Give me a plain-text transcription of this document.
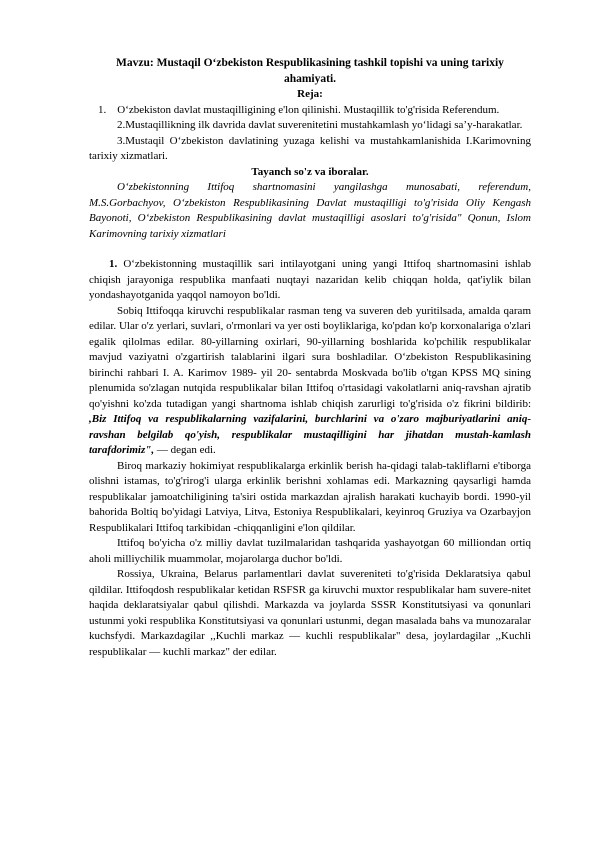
Mavzu: Mustaqil O‘zbekiston Respublikasining tashkil topishi va uning tarixiy ahamiyati.

Reja:

1. O‘zbekiston davlat mustaqilligining e'lon qilinishi. Mustaqillik to'g'risida Referendum.

2.Mustaqillikning ilk davrida davlat suverenitetini mustahkamlash yo‘lidagi sa’y-harakatlar.

3.Mustaqil O‘zbekiston davlatining yuzaga kelishi va mustahkamlanishida I.Karimovning tarixiy xizmatlari.

Tayanch so'z va iboralar.

O‘zbekistonning Ittifoq shartnomasini yangilashga munosabati, referendum, M.S.Gorbachyov, O‘zbekiston Respublikasining Davlat mustaqilligi to'g'risida Oliy Kengash Bayonoti, O‘zbekiston Respublikasining davlat mustaqilligi asoslari to'g'risida" Qonun, Islom Karimovning tarixiy xizmatlari

1. O‘zbekistonning mustaqillik sari intilayotgani uning yangi Ittifoq shartnomasini ishlab chiqish jarayoniga respublika manfaati nuqtayi nazaridan kelib chiqqan holda, qat'iylik bilan yondashayotganida yaqqol namoyon bo'ldi.

Sobiq Ittifoqqa kiruvchi respublikalar rasman teng va suveren deb yuritilsada, amalda qaram edilar. Ular o'z yerlari, suvlari, o'rmonlari va yer osti boyliklariga, ko'pdan ko'p korxonalariga o'zlari egalik qilolmas edilar. 80-yillarning oxirlari, 90-yillarning boshlarida ko'pchilik respublikalar mavjud vaziyatni o'zgartirish talablarini ilgari sura boshladilar. O‘zbekiston Respublikasining birinchi rahbari I. A. Karimov 1989- yil 20- sentabrda Moskvada bo'lib o'tgan KPSS MQ sining plenumida so'zlagan nutqida respublikalar bilan Ittifoq o'rtasidagi vakolatlarni aniq-ravshan ajratib qo'yishni ko'zda tutadigan yangi shartnoma ishlab chiqish zarurligi to'g'risida o'z fikrini bildirib: ,Biz Ittifoq va respublikalarning vazifalarini, burchlarini va o'zaro majburiyatlarini aniq-ravshan belgilab qo'yish, respublikalar mustaqilligini har jihatdan mustah-kamlash tarafdorimiz", — degan edi.

Biroq markaziy hokimiyat respublikalarga erkinlik berish ha-qidagi talab-takliflarni e'tiborga olishni istamas, to'g'rirog'i ularga erkinlik berishni xohlamas edi. Markazning qaysarligi hamda respublikalar jamoatchiligining ta'siri ostida markazdan ajralish harakati kuchayib bordi. 1990-yil bahorida Boltiq bo'yidagi Latviya, Litva, Estoniya Respublikalari, keyinroq Gruziya va Ozarbayjon Respublikalari Ittifoq tarkibidan -chiqqanligini e'lon qildilar.

Ittifoq bo'yicha o'z milliy davlat tuzilmalaridan tashqarida yashayotgan 60 milliondan ortiq aholi milliychilik muammolar, mojarolarga duchor bo'ldi.

Rossiya, Ukraina, Belarus parlamentlari davlat suvereniteti to'g'risida Deklaratsiya qabul qildilar. Ittifoqdosh respublikalar ketidan RSFSR ga kiruvchi muxtor respublikalar ham suvere-nitet haqida deklaratsiyalar qabul qilishdi. Markazda va joylarda SSSR Konstitutsiyasi va qonunlari ustunmi yoki respublika Konstitutsiyasi va qonunlari ustunmi, degan masalada bahs va munozaralar kuchsfydi. Markazdagilar ,,Kuchli markaz — kuchli respublikalar" desa, joylardagilar ,,Kuchli respublikalar — kuchli markaz" der edilar.
